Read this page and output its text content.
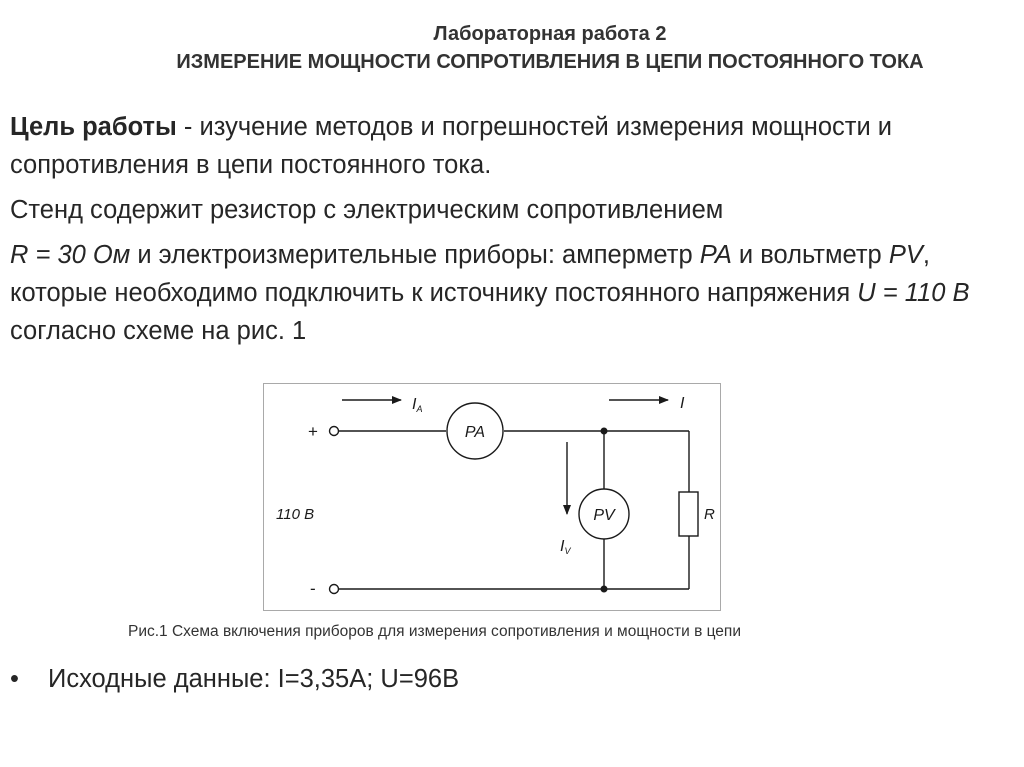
Лабораторная работа 2
ИЗМЕРЕНИЕ МОЩНОСТИ СОПРОТИВЛЕНИЯ В ЦЕПИ ПОСТОЯННОГО ТОКА

Цель работы - изучение методов и погрешностей измерения мощности и сопротивления в цепи постоянного тока.

Стенд содержит резистор с электрическим сопротивлением

R = 30 Ом и электроизмерительные приборы: амперметр PA и вольтметр PV, которые необходимо подключить к источнику постоянного напряжения U = 110 В согласно схеме на рис. 1

+
-
110 В
PA
PV	R
IA	I
IV
Рис.1 Схема включения приборов для измерения сопротивления и мощности в цепи
• Исходные данные: I=3,35A; U=96В
